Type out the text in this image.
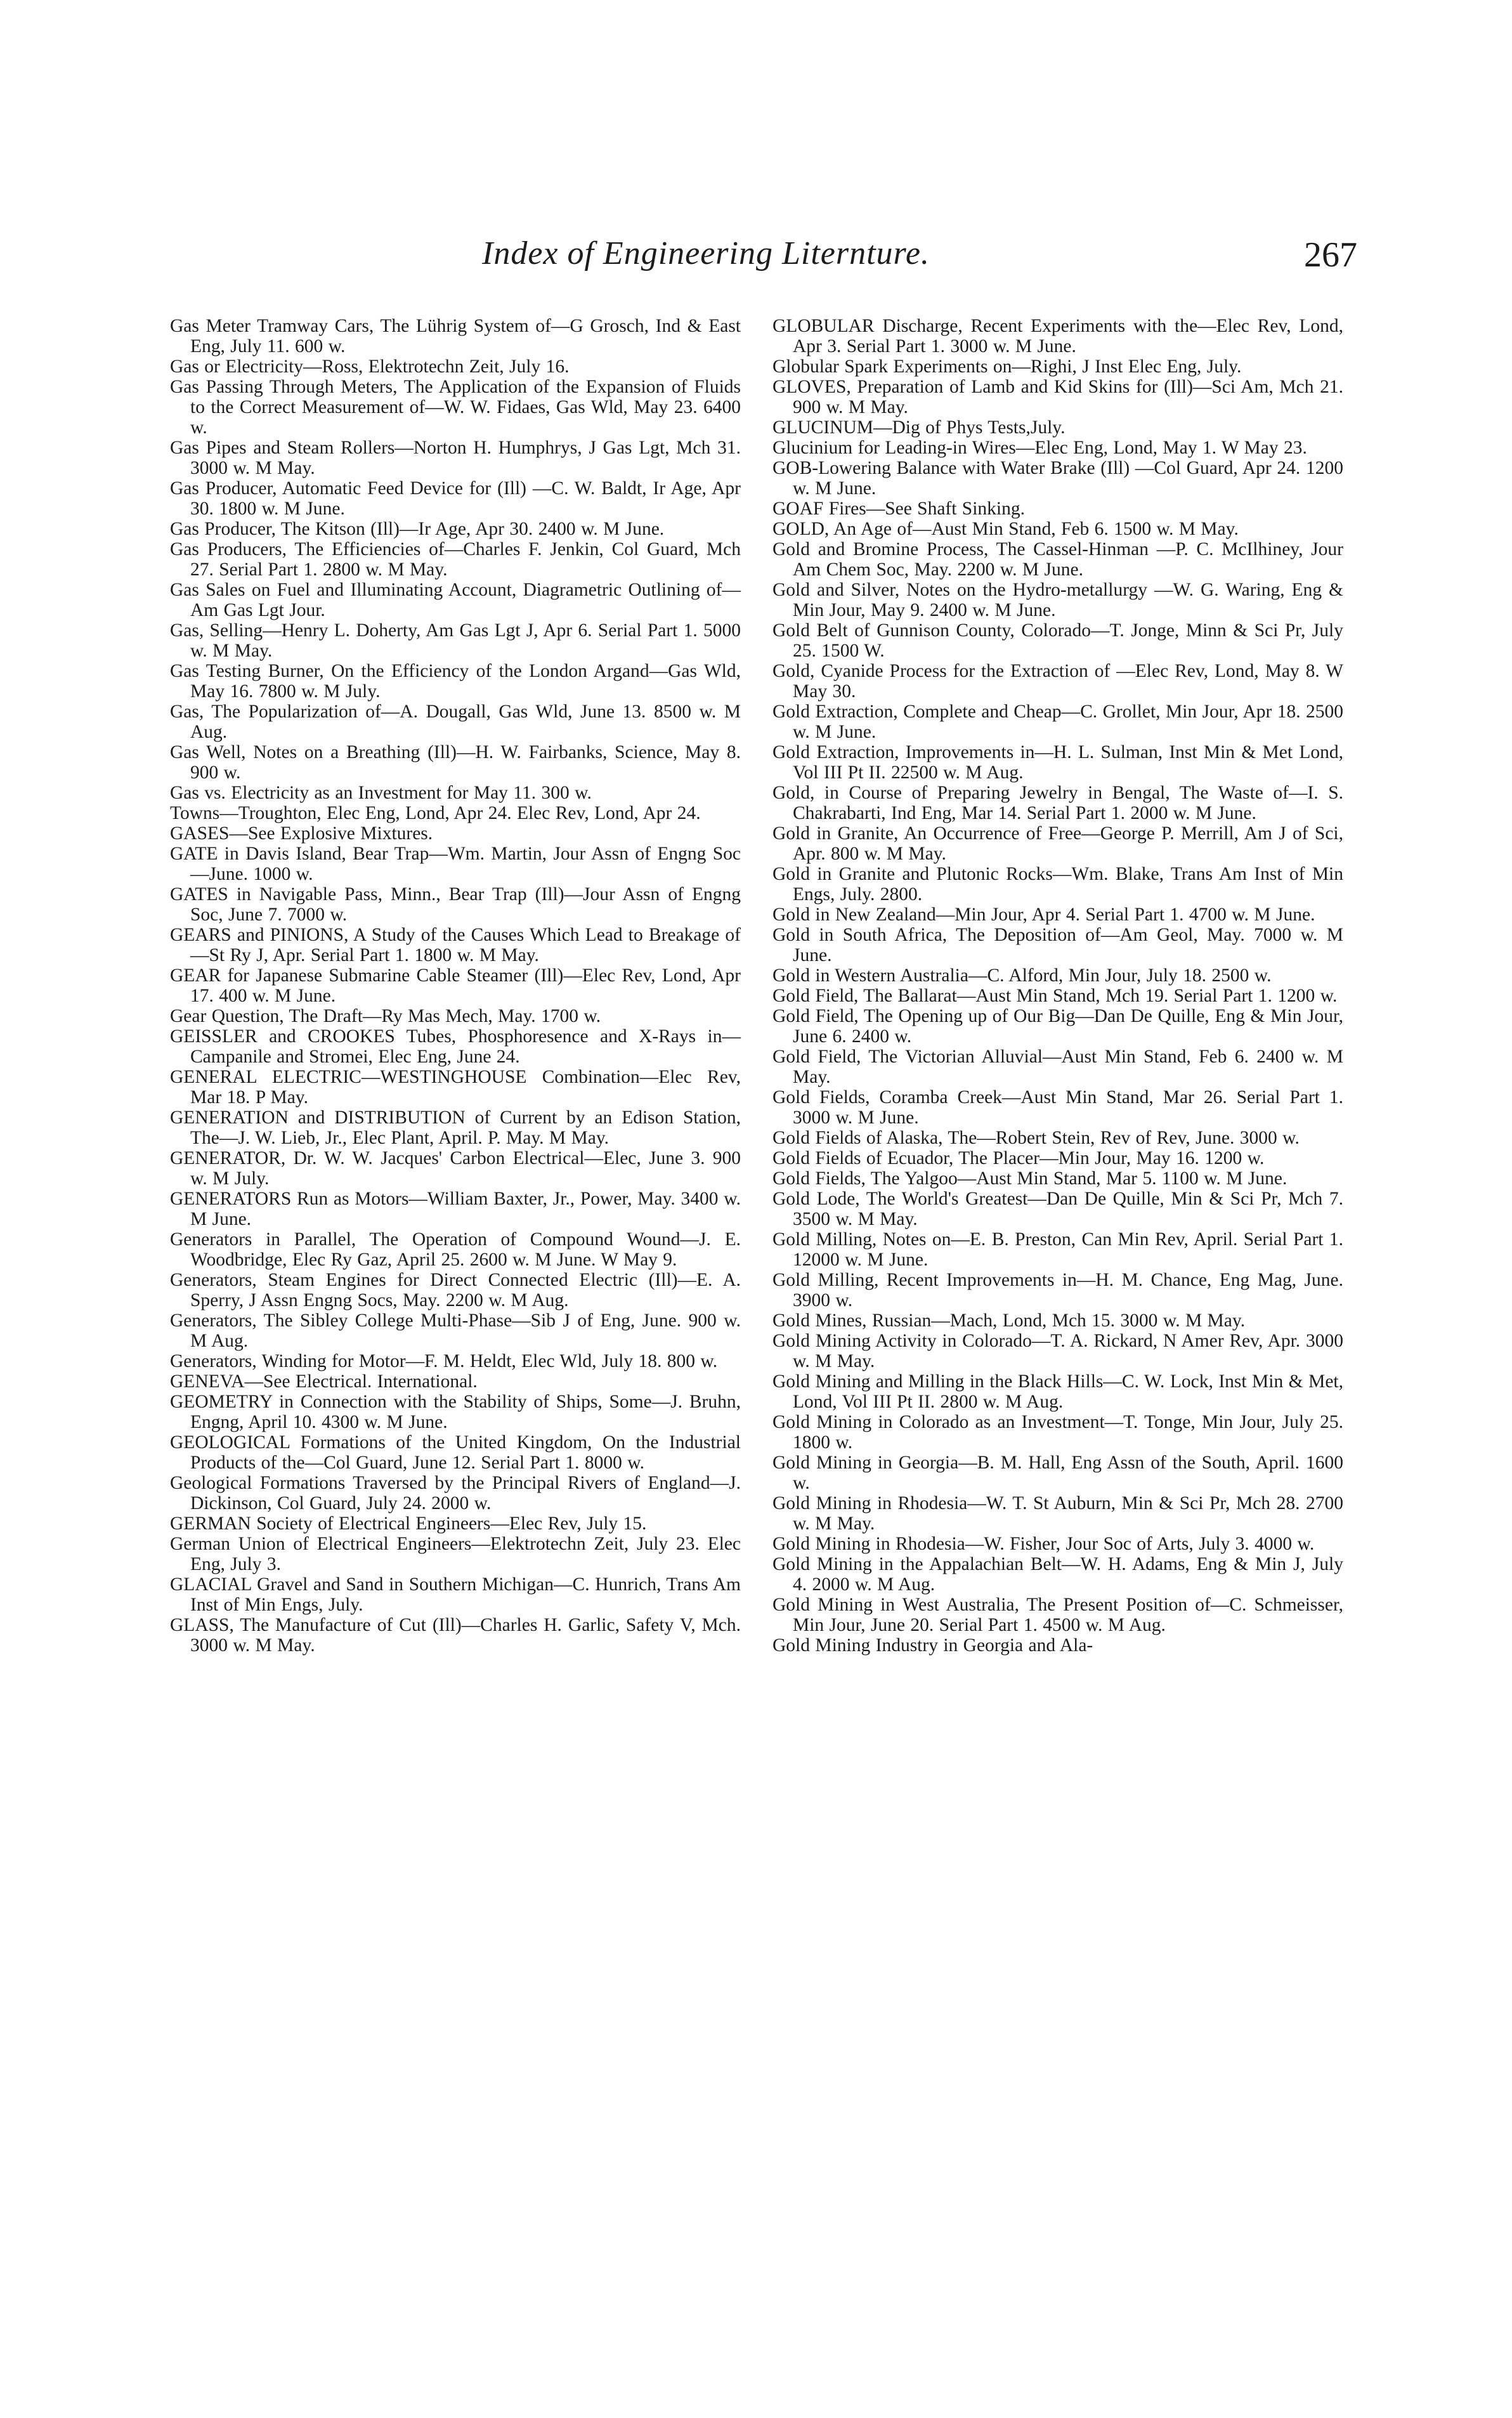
Index of Engineering Liternture.	267

Gas Meter Tramway Cars, The Lührig System of—G Grosch, Ind & East Eng, July 11. 600 w.

Gas or Electricity—Ross, Elektrotechn Zeit, July 16.

Gas Passing Through Meters, The Application of the Expansion of Fluids to the Correct Measurement of—W. W. Fidaes, Gas Wld, May 23. 6400 w.

Gas Pipes and Steam Rollers—Norton H. Humphrys, J Gas Lgt, Mch 31. 3000 w. M May.

Gas Producer, Automatic Feed Device for (Ill) —C. W. Baldt, Ir Age, Apr 30. 1800 w. M June.

Gas Producer, The Kitson (Ill)—Ir Age, Apr 30. 2400 w. M June.

Gas Producers, The Efficiencies of—Charles F. Jenkin, Col Guard, Mch 27. Serial Part 1. 2800 w. M May.

Gas Sales on Fuel and Illuminating Account, Diagrametric Outlining of—Am Gas Lgt Jour.

Gas, Selling—Henry L. Doherty, Am Gas Lgt J, Apr 6. Serial Part 1. 5000 w. M May.

Gas Testing Burner, On the Efficiency of the London Argand—Gas Wld, May 16. 7800 w. M July.

Gas, The Popularization of—A. Dougall, Gas Wld, June 13. 8500 w. M Aug.

Gas Well, Notes on a Breathing (Ill)—H. W. Fairbanks, Science, May 8. 900 w.

Gas vs. Electricity as an Investment for May 11. 300 w.

Towns—Troughton, Elec Eng, Lond, Apr 24. Elec Rev, Lond, Apr 24.

GASES—See Explosive Mixtures.

GATE in Davis Island, Bear Trap—Wm. Martin, Jour Assn of Engng Soc—June. 1000 w.

GATES in Navigable Pass, Minn., Bear Trap (Ill)—Jour Assn of Engng Soc, June 7. 7000 w.

GEARS and PINIONS, A Study of the Causes Which Lead to Breakage of—St Ry J, Apr. Serial Part 1. 1800 w. M May.

GEAR for Japanese Submarine Cable Steamer (Ill)—Elec Rev, Lond, Apr 17. 400 w. M June.

Gear Question, The Draft—Ry Mas Mech, May. 1700 w.

GEISSLER and CROOKES Tubes, Phosphoresence and X-Rays in—Campanile and Stromei, Elec Eng, June 24.

GENERAL ELECTRIC—WESTINGHOUSE Combination—Elec Rev, Mar 18. P May.

GENERATION and DISTRIBUTION of Current by an Edison Station, The—J. W. Lieb, Jr., Elec Plant, April. P. May. M May.

GENERATOR, Dr. W. W. Jacques' Carbon Electrical—Elec, June 3. 900 w. M July.

GENERATORS Run as Motors—William Baxter, Jr., Power, May. 3400 w. M June.

Generators in Parallel, The Operation of Compound Wound—J. E. Woodbridge, Elec Ry Gaz, April 25. 2600 w. M June. W May 9.

Generators, Steam Engines for Direct Connected Electric (Ill)—E. A. Sperry, J Assn Engng Socs, May. 2200 w. M Aug.

Generators, The Sibley College Multi-Phase—Sib J of Eng, June. 900 w. M Aug.

Generators, Winding for Motor—F. M. Heldt, Elec Wld, July 18. 800 w.

GENEVA—See Electrical. International.

GEOMETRY in Connection with the Stability of Ships, Some—J. Bruhn, Engng, April 10. 4300 w. M June.

GEOLOGICAL Formations of the United Kingdom, On the Industrial Products of the—Col Guard, June 12. Serial Part 1. 8000 w.

Geological Formations Traversed by the Principal Rivers of England—J. Dickinson, Col Guard, July 24. 2000 w.

GERMAN Society of Electrical Engineers—Elec Rev, July 15.

German Union of Electrical Engineers—Elektrotechn Zeit, July 23. Elec Eng, July 3.

GLACIAL Gravel and Sand in Southern Michigan—C. Hunrich, Trans Am Inst of Min Engs, July.

GLASS, The Manufacture of Cut (Ill)—Charles H. Garlic, Safety V, Mch. 3000 w. M May.

GLOBULAR Discharge, Recent Experiments with the—Elec Rev, Lond, Apr 3. Serial Part 1. 3000 w. M June.

Globular Spark Experiments on—Righi, J Inst Elec Eng, July.

GLOVES, Preparation of Lamb and Kid Skins for (Ill)—Sci Am, Mch 21. 900 w. M May.

GLUCINUM—Dig of Phys Tests,July.

Glucinium for Leading-in Wires—Elec Eng, Lond, May 1. W May 23.

GOB-Lowering Balance with Water Brake (Ill) —Col Guard, Apr 24. 1200 w. M June.

GOAF Fires—See Shaft Sinking.

GOLD, An Age of—Aust Min Stand, Feb 6. 1500 w. M May.

Gold and Bromine Process, The Cassel-Hinman —P. C. McIlhiney, Jour Am Chem Soc, May. 2200 w. M June.

Gold and Silver, Notes on the Hydro-metallurgy —W. G. Waring, Eng & Min Jour, May 9. 2400 w. M June.

Gold Belt of Gunnison County, Colorado—T. Jonge, Minn & Sci Pr, July 25. 1500 W.

Gold, Cyanide Process for the Extraction of —Elec Rev, Lond, May 8. W May 30.

Gold Extraction, Complete and Cheap—C. Grollet, Min Jour, Apr 18. 2500 w. M June.

Gold Extraction, Improvements in—H. L. Sulman, Inst Min & Met Lond, Vol III Pt II. 22500 w. M Aug.

Gold, in Course of Preparing Jewelry in Bengal, The Waste of—I. S. Chakrabarti, Ind Eng, Mar 14. Serial Part 1. 2000 w. M June.

Gold in Granite, An Occurrence of Free—George P. Merrill, Am J of Sci, Apr. 800 w. M May.

Gold in Granite and Plutonic Rocks—Wm. Blake, Trans Am Inst of Min Engs, July. 2800.

Gold in New Zealand—Min Jour, Apr 4. Serial Part 1. 4700 w. M June.

Gold in South Africa, The Deposition of—Am Geol, May. 7000 w. M June.

Gold in Western Australia—C. Alford, Min Jour, July 18. 2500 w.

Gold Field, The Ballarat—Aust Min Stand, Mch 19. Serial Part 1. 1200 w.

Gold Field, The Opening up of Our Big—Dan De Quille, Eng & Min Jour, June 6. 2400 w.

Gold Field, The Victorian Alluvial—Aust Min Stand, Feb 6. 2400 w. M May.

Gold Fields, Coramba Creek—Aust Min Stand, Mar 26. Serial Part 1. 3000 w. M June.

Gold Fields of Alaska, The—Robert Stein, Rev of Rev, June. 3000 w.

Gold Fields of Ecuador, The Placer—Min Jour, May 16. 1200 w.

Gold Fields, The Yalgoo—Aust Min Stand, Mar 5. 1100 w. M June.

Gold Lode, The World's Greatest—Dan De Quille, Min & Sci Pr, Mch 7. 3500 w. M May.

Gold Milling, Notes on—E. B. Preston, Can Min Rev, April. Serial Part 1. 12000 w. M June.

Gold Milling, Recent Improvements in—H. M. Chance, Eng Mag, June. 3900 w.

Gold Mines, Russian—Mach, Lond, Mch 15. 3000 w. M May.

Gold Mining Activity in Colorado—T. A. Rickard, N Amer Rev, Apr. 3000 w. M May.

Gold Mining and Milling in the Black Hills—C. W. Lock, Inst Min & Met, Lond, Vol III Pt II. 2800 w. M Aug.

Gold Mining in Colorado as an Investment—T. Tonge, Min Jour, July 25. 1800 w.

Gold Mining in Georgia—B. M. Hall, Eng Assn of the South, April. 1600 w.

Gold Mining in Rhodesia—W. T. St Auburn, Min & Sci Pr, Mch 28. 2700 w. M May.

Gold Mining in Rhodesia—W. Fisher, Jour Soc of Arts, July 3. 4000 w.

Gold Mining in the Appalachian Belt—W. H. Adams, Eng & Min J, July 4. 2000 w. M Aug.

Gold Mining in West Australia, The Present Position of—C. Schmeisser, Min Jour, June 20. Serial Part 1. 4500 w. M Aug.

Gold Mining Industry in Georgia and Ala-
